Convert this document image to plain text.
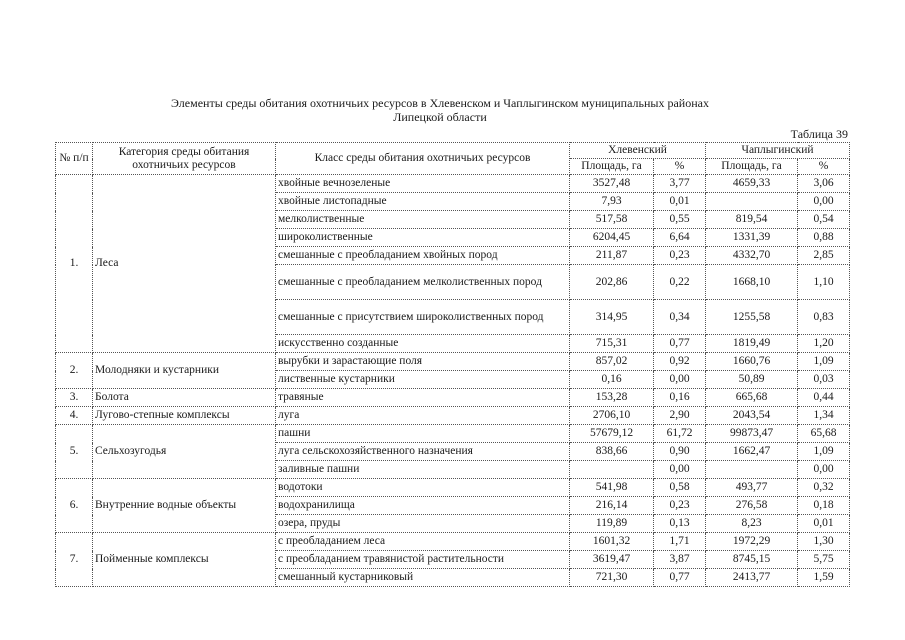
Элементы среды обитания охотничьих ресурсов в Хлевенском и Чаплыгинском муниципальных районах
Липецкой области
Таблица 39
№ п/п	Категория среды обитания охотничьих ресурсов	Класс среды обитания охотничьих ресурсов	Хлевенский		Чаплыгинский	
			Площадь, га	%	Площадь, га	%
1.	Леса	хвойные вечнозеленые	3527,48	3,77	4659,33	3,06
		хвойные листопадные	7,93	0,01		0,00
		мелколиственные	517,58	0,55	819,54	0,54
		широколиственные	6204,45	6,64	1331,39	0,88
		смешанные с преобладанием хвойных пород	211,87	0,23	4332,70	2,85
		смешанные с преобладанием мелколиственных пород	202,86	0,22	1668,10	1,10
		смешанные с присутствием широколиственных пород	314,95	0,34	1255,58	0,83
		искусственно созданные	715,31	0,77	1819,49	1,20
2.	Молодняки и кустарники	вырубки и зарастающие поля	857,02	0,92	1660,76	1,09
		лиственные кустарники	0,16	0,00	50,89	0,03
3.	Болота	травяные	153,28	0,16	665,68	0,44
4.	Лугово-степные комплексы	луга	2706,10	2,90	2043,54	1,34
5.	Сельхозугодья	пашни	57679,12	61,72	99873,47	65,68
		луга сельскохозяйственного назначения	838,66	0,90	1662,47	1,09
		заливные пашни		0,00		0,00
6.	Внутренние водные объекты	водотоки	541,98	0,58	493,77	0,32
		водохранилища	216,14	0,23	276,58	0,18
		озера, пруды	119,89	0,13	8,23	0,01
7.	Пойменные комплексы	с преобладанием леса	1601,32	1,71	1972,29	1,30
		с преобладанием травянистой растительности	3619,47	3,87	8745,15	5,75
		смешанный кустарниковый	721,30	0,77	2413,77	1,59
